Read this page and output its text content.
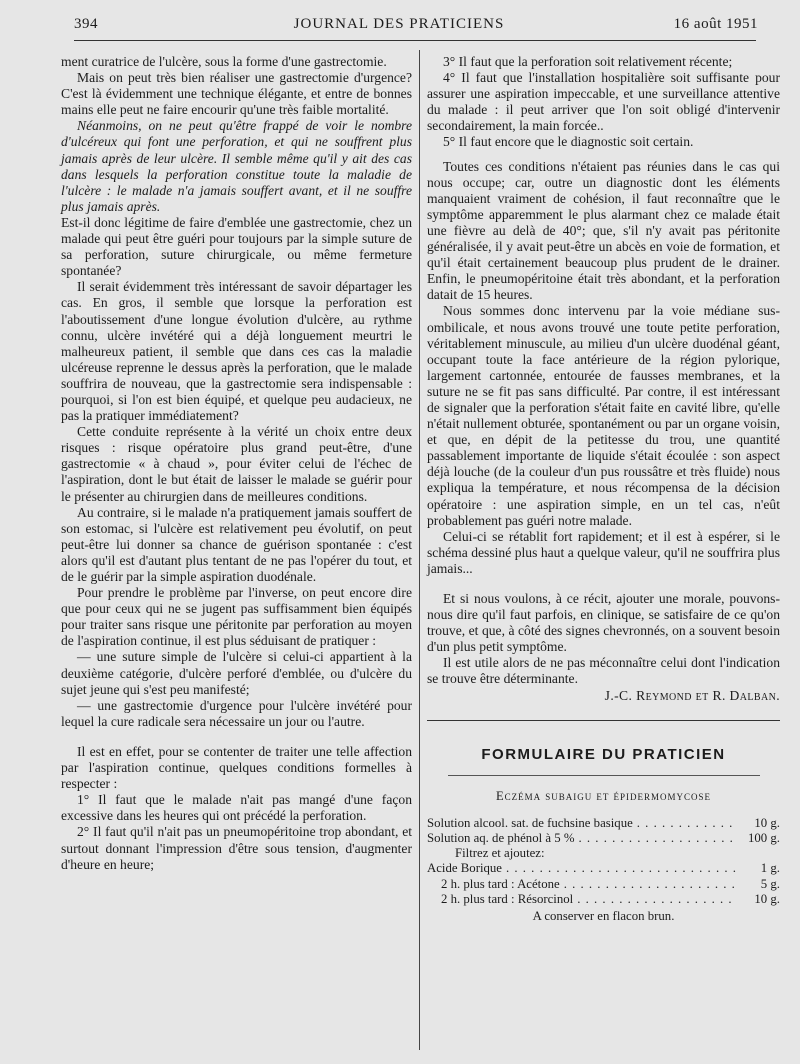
394	JOURNAL DES PRATICIENS	16 août 1951

ment curatrice de l'ulcère, sous la forme d'une gastrectomie.

Mais on peut très bien réaliser une gastrectomie d'urgence? C'est là évidemment une technique élégante, et entre de bonnes mains elle peut ne faire encourir qu'une très faible mortalité.

Néanmoins, on ne peut qu'être frappé de voir le nombre d'ulcéreux qui font une perforation, et qui ne souffrent plus jamais après de leur ulcère. Il semble même qu'il y ait des cas dans lesquels la perforation constitue toute la maladie de l'ulcère : le malade n'a jamais souffert avant, et il ne souffre plus jamais après.

Est-il donc légitime de faire d'emblée une gastrectomie, chez un malade qui peut être guéri pour toujours par la simple suture de sa perforation, suture chirurgicale, ou même fermeture spontanée?

Il serait évidemment très intéressant de savoir départager les cas. En gros, il semble que lorsque la perforation est l'aboutissement d'une longue évolution d'ulcère, au rythme connu, ulcère invétéré qui a déjà longuement meurtri le malheureux patient, il semble que dans ces cas la maladie ulcéreuse reprenne le dessus après la perforation, que le malade souffrira de nouveau, que la gastrectomie sera indispensable : pourquoi, si l'on est bien équipé, et quelque peu audacieux, ne pas la pratiquer immédiatement?

Cette conduite représente à la vérité un choix entre deux risques : risque opératoire plus grand peut-être, d'une gastrectomie « à chaud », pour éviter celui de l'échec de l'aspiration, dont le but était de laisser le malade se guérir pour le présenter au chirurgien dans de meilleures conditions.

Au contraire, si le malade n'a pratiquement jamais souffert de son estomac, si l'ulcère est relativement peu évolutif, on peut peut-être lui donner sa chance de guérison spontanée : c'est alors qu'il est d'autant plus tentant de ne pas l'opérer du tout, et de le guérir par la simple aspiration duodénale.

Pour prendre le problème par l'inverse, on peut encore dire que pour ceux qui ne se jugent pas suffisamment bien équipés pour traiter sans risque une péritonite par perforation au moyen de l'aspiration continue, il est plus séduisant de pratiquer :

— une suture simple de l'ulcère si celui-ci appartient à la deuxième catégorie, d'ulcère perforé d'emblée, ou d'ulcère du sujet jeune qui s'est peu manifesté;

— une gastrectomie d'urgence pour l'ulcère invétéré pour lequel la cure radicale sera nécessaire un jour ou l'autre.

Il est en effet, pour se contenter de traiter une telle affection par l'aspiration continue, quelques conditions formelles à respecter :

1° Il faut que le malade n'ait pas mangé d'une façon excessive dans les heures qui ont précédé la perforation.

2° Il faut qu'il n'ait pas un pneumopéritoine trop abondant, et surtout donnant l'impression d'être sous tension, d'augmenter d'heure en heure;

3° Il faut que la perforation soit relativement récente;

4° Il faut que l'installation hospitalière soit suffisante pour assurer une aspiration impeccable, et une surveillance attentive du malade : il peut arriver que l'on soit obligé d'intervenir secondairement, la main forcée..

5° Il faut encore que le diagnostic soit certain.

Toutes ces conditions n'étaient pas réunies dans le cas qui nous occupe; car, outre un diagnostic dont les éléments manquaient vraiment de cohésion, il faut reconnaître que le symptôme apparemment le plus alarmant chez ce malade était une fièvre au delà de 40°; que, s'il n'y avait pas péritonite généralisée, il y avait peut-être un abcès en voie de formation, et qu'il était certainement beaucoup plus prudent de le drainer. Enfin, le pneumopéritoine était très abondant, et la perforation datait de 15 heures.

Nous sommes donc intervenu par la voie médiane sus-ombilicale, et nous avons trouvé une toute petite perforation, véritablement minuscule, au milieu d'un ulcère duodénal géant, occupant toute la face antérieure de la région pylorique, largement cartonnée, entourée de fausses membranes, et la suture ne se fit pas sans difficulté. Par contre, il est intéressant de signaler que la perforation s'était faite en cavité libre, qu'elle n'était nullement obturée, spontanément ou par un organe voisin, et que, en dépit de la petitesse du trou, une quantité passablement importante de liquide s'était écoulée : son aspect déjà louche (de la couleur d'un pus roussâtre et très fluide) nous expliqua la température, et nous récompensa de la décision opératoire : une aspiration simple, en un tel cas, n'eût probablement pas guéri notre malade.

Celui-ci se rétablit fort rapidement; et il est à espérer, si le schéma dessiné plus haut a quelque valeur, qu'il ne souffrira plus jamais...

Et si nous voulons, à ce récit, ajouter une morale, pouvons-nous dire qu'il faut parfois, en clinique, se satisfaire de ce qu'on trouve, et que, à côté des signes chevronnés, on a souvent besoin d'un plus petit symptôme.

Il est utile alors de ne pas méconnaître celui dont l'indication se trouve être déterminante.

J.-C. Reymond et R. Dalban.

FORMULAIRE DU PRATICIEN
Eczéma subaigu et épidermomycose
Solution alcool. sat. de fuchsine basique . . .	10 g.
Solution aq. de phénol à 5 % . . .	100 g.
Filtrez et ajoutez:
Acide Borique . . .	1 g.
2 h. plus tard : Acétone . . .	5 g.
2 h. plus tard : Résorcinol . . .	10 g.
A conserver en flacon brun.
